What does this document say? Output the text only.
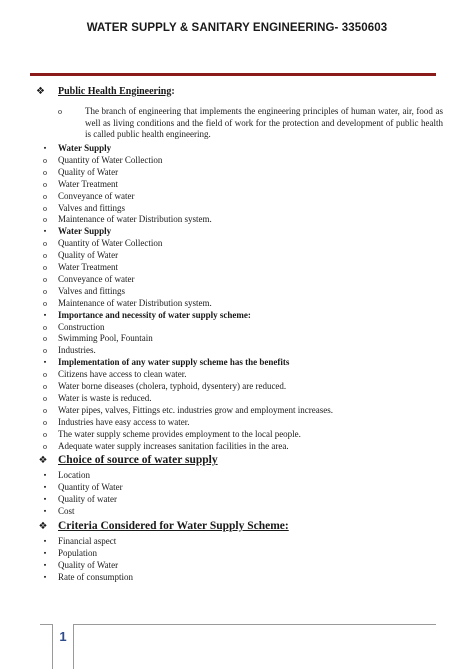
WATER SUPPLY & SANITARY ENGINEERING- 3350603
❖ Public Health Engineering:
o	The branch of engineering that implements the engineering principles of human water, air, food as well as living conditions and the field of work for the protection and development of public health is called public health engineering.
▪	Water Supply
o	Quantity of Water Collection
o	Quality of Water
o	Water Treatment
o	Conveyance of water
o	Valves and fittings
o	Maintenance of water Distribution system.
▪	Water Supply
o	Quantity of Water Collection
o	Quality of Water
o	Water Treatment
o	Conveyance of water
o	Valves and fittings
o	Maintenance of water Distribution system.
▪	Importance and necessity of water supply scheme:
o	Construction
o	Swimming Pool, Fountain
o	Industries.
▪	Implementation of any water supply scheme has the benefits
o	Citizens have access to clean water.
o	Water borne diseases (cholera, typhoid, dysentery) are reduced.
o	Water is waste is reduced.
o	Water pipes, valves, Fittings etc. industries grow and employment increases.
o	Industries have easy access to water.
o	The water supply scheme provides employment to the local people.
o	Adequate water supply increases sanitation facilities in the area.
❖ Choice of source of water supply
▪	Location
▪	Quantity of Water
▪	Quality of water
▪	Cost
❖ Criteria Considered for Water Supply Scheme:
▪	Financial aspect
▪	Population
▪	Quality of Water
▪	Rate of consumption
1
